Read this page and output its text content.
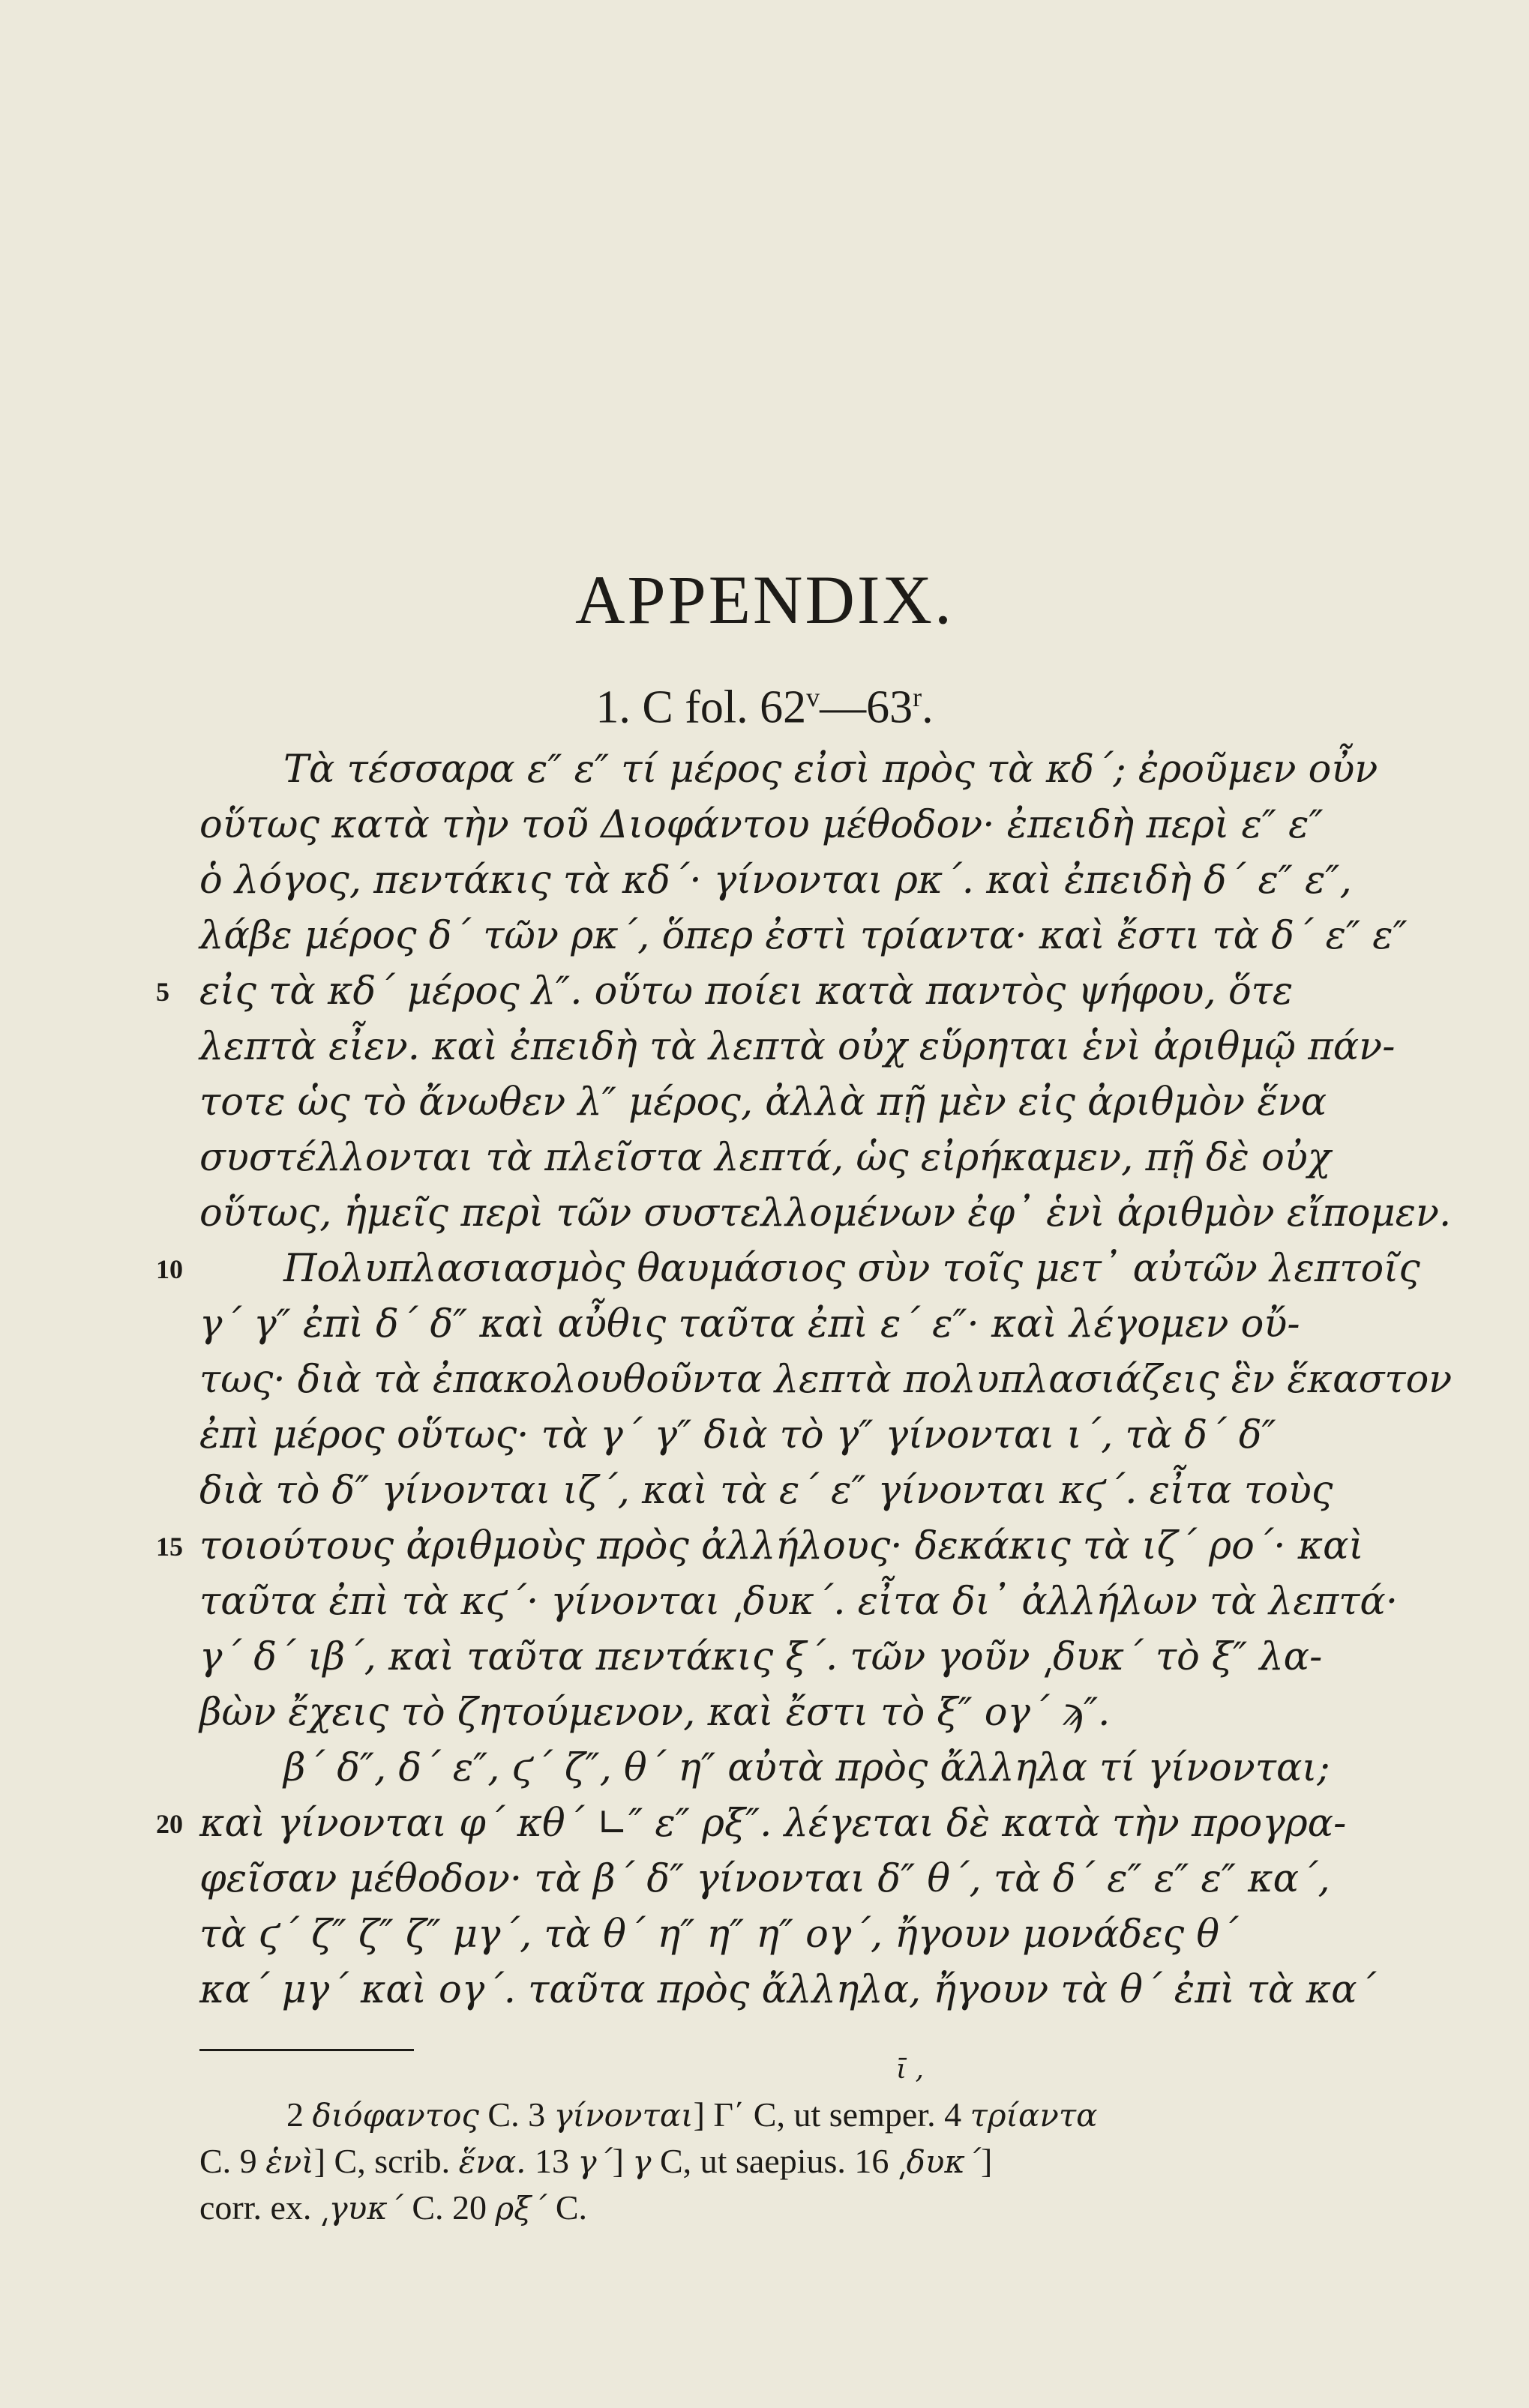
APPENDIX.
1. C fol. 62$^v$—63$^r$.
Τὰ τέσσαρα ε″ ε″ τί μέρος εἰσὶ πρὸς τὰ κδ΄; ἐροῦμεν οὖν
οὕτως κατὰ τὴν τοῦ Διοφάντου μέθοδον· ἐπειδὴ περὶ ε″ ε″
ὁ λόγος, πεντάκις τὰ κδ΄· γίνονται ρκ΄. καὶ ἐπειδὴ δ΄ ε″ ε″,
λάβε μέρος δ΄ τῶν ρκ΄, ὅπερ ἐστὶ τρίαντα· καὶ ἔστι τὰ δ΄ ε″ ε″
5 εἰς τὰ κδ΄ μέρος λ″. οὕτω ποίει κατὰ παντὸς ψήφου, ὅτε
λεπτὰ εἶεν. καὶ ἐπειδὴ τὰ λεπτὰ οὐχ εὕρηται ἑνὶ ἀριθμῷ πάν-
τοτε ὡς τὸ ἄνωθεν λ″ μέρος, ἀλλὰ πῇ μὲν εἰς ἀριθμὸν ἕνα
συστέλλονται τὰ πλεῖστα λεπτά, ὡς εἰρήκαμεν, πῇ δὲ οὐχ
οὕτως, ἡμεῖς περὶ τῶν συστελλομένων ἐφ᾽ ἑνὶ ἀριθμὸν εἴπομεν.
10	Πολυπλασιασμὸς θαυμάσιος σὺν τοῖς μετ᾽ αὐτῶν λεπτοῖς
γ΄ γ″ ἐπὶ δ΄ δ″ καὶ αὖθις ταῦτα ἐπὶ ε΄ ε″· καὶ λέγομεν οὔ-
τως· διὰ τὰ ἐπακολουθοῦντα λεπτὰ πολυπλασιάζεις ἓν ἕκαστον
ἐπὶ μέρος οὕτως· τὰ γ΄ γ″ διὰ τὸ γ″ γίνονται ι΄, τὰ δ΄ δ″
διὰ τὸ δ″ γίνονται ιζ΄, καὶ τὰ ε΄ ε″ γίνονται κϛ΄. εἶτα τοὺς
15 τοιούτους ἀριθμοὺς πρὸς ἀλλήλους· δεκάκις τὰ ιζ΄ ρο΄· καὶ
ταῦτα ἐπὶ τὰ κϛ΄· γίνονται ͵δυκ΄. εἶτα δι᾽ ἀλλήλων τὰ λεπτά·
γ΄ δ΄ ιβ΄, καὶ ταῦτα πεντάκις ξ΄. τῶν γοῦν ͵δυκ΄ τὸ ξ″ λα-
βὼν ἔχεις τὸ ζητούμενον, καὶ ἔστι τὸ ξ″ ογ΄ ϡ″.
β΄ δ″, δ΄ ε″, ϛ΄ ζ″, θ΄ η″ αὐτὰ πρὸς ἄλληλα τί γίνονται;
20 καὶ γίνονται φ΄ κθ΄ ∟″ ε″ ρξ″. λέγεται δὲ κατὰ τὴν προγρα-
φεῖσαν μέθοδον· τὰ β΄ δ″ γίνονται δ″ θ΄, τὰ δ΄ ε″ ε″ ε″ κα΄,
τὰ ϛ΄ ζ″ ζ″ ζ″ μγ΄, τὰ θ΄ η″ η″ η″ ογ΄, ἤγουν μονάδες θ΄
κα΄ μγ΄ καὶ ογ΄. ταῦτα πρὸς ἄλληλα, ἤγουν τὰ θ΄ ἐπὶ τὰ κα΄
ῑ ,
2 διόφαντος C. 3 γίνονται] Γ΄ C, ut semper. 4 τρίαντα
C. 9 ἑνὶ] C, scrib. ἕνα. 13 γ΄] γ C, ut saepius. 16 ͵δυκ΄]
corr. ex. ͵γυκ΄ C. 20 ρξ΄ C.
